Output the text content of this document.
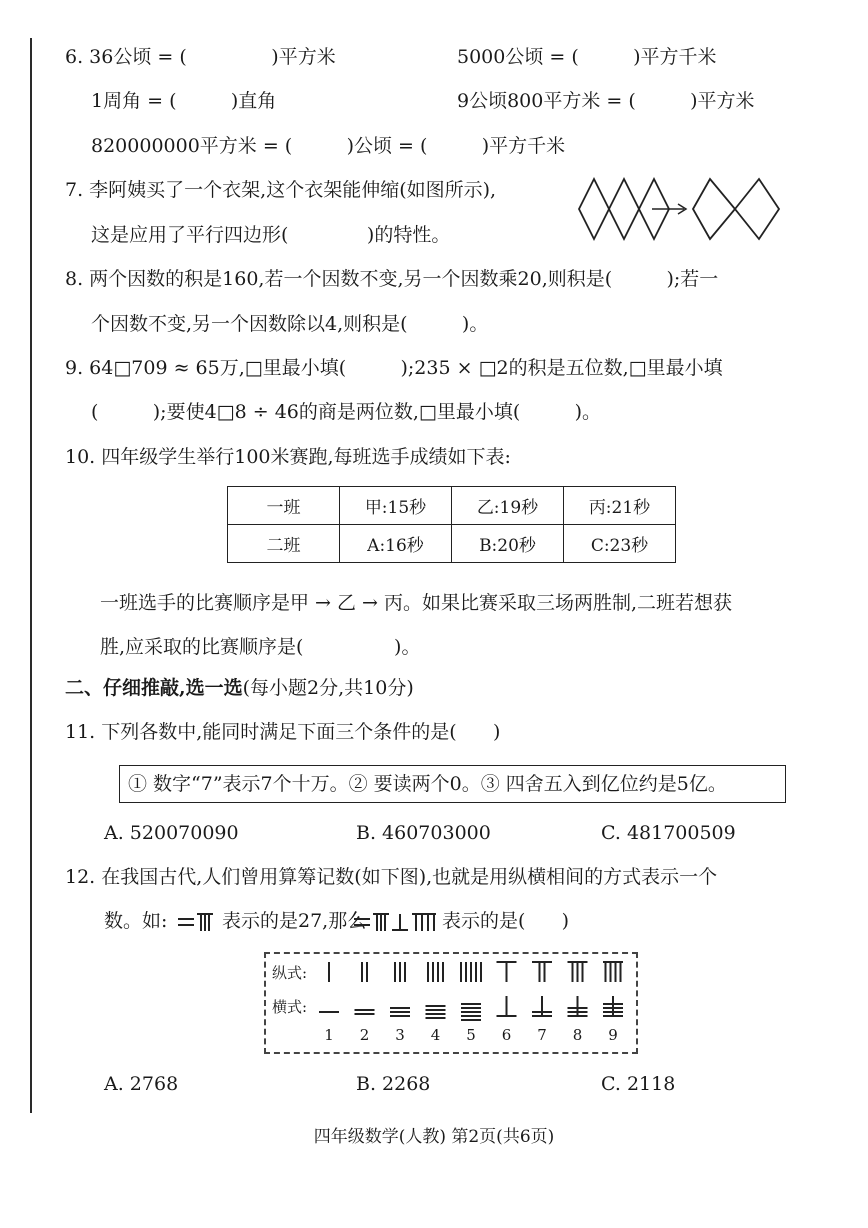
6. 36公顷 = (              )平方米	5000公顷 = (         )平方千米
1周角 = (         )直角	9公顷800平方米 = (         )平方米
820000000平方米 = (         )公顷 = (         )平方千米
7. 李阿姨买了一个衣架,这个衣架能伸缩(如图所示),
这是应用了平行四边形(             )的特性。
8. 两个因数的积是160,若一个因数不变,另一个因数乘20,则积是(         );若一
个因数不变,另一个因数除以4,则积是(         )。
9. 64□709 ≈ 65万,□里最小填(         );235 × □2的积是五位数,□里最小填
(         );要使4□8 ÷ 46的商是两位数,□里最小填(         )。
10. 四年级学生举行100米赛跑,每班选手成绩如下表:
一班	甲:15秒	乙:19秒	丙:21秒
二班	A:16秒	B:20秒	C:23秒
一班选手的比赛顺序是甲 → 乙 → 丙。如果比赛采取三场两胜制,二班若想获
胜,应采取的比赛顺序是(               )。
二、仔细推敲,选一选(每小题2分,共10分)
11. 下列各数中,能同时满足下面三个条件的是(      )
① 数字“7”表示7个十万。② 要读两个0。③ 四舍五入到亿位约是5亿。
A. 520070090	B. 460703000	C. 481700509
12. 在我国古代,人们曾用算筹记数(如下图),也就是用纵横相间的方式表示一个
数。如:	表示的是27,那么	表示的是(      )
纵式:
横式:
1	2	3	4	5	6	7	8	9
A. 2768	B. 2268	C. 2118
四年级数学(人教) 第2页(共6页)
